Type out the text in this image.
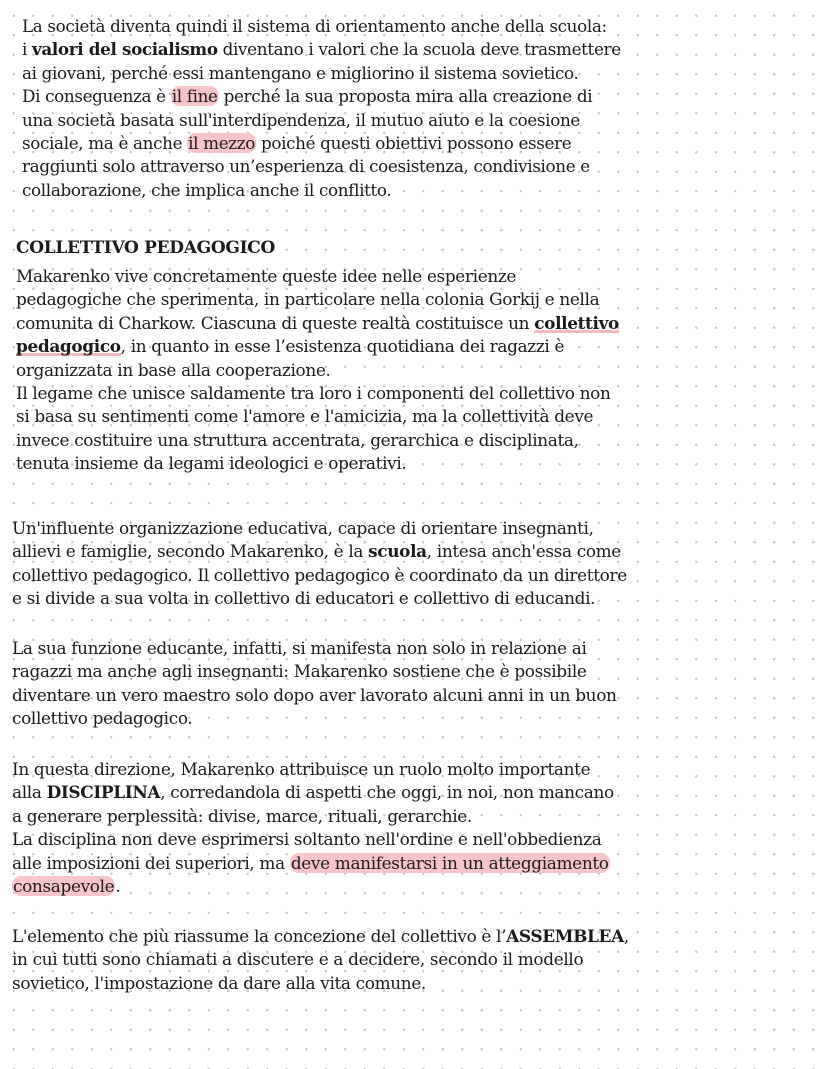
La società diventa quindi il sistema di orientamento anche della scuola:
i valori del socialismo diventano i valori che la scuola deve trasmettere
ai giovani, perché essi mantengano e migliorino il sistema sovietico.
Di conseguenza è il fine perché la sua proposta mira alla creazione di
una società basata sull'interdipendenza, il mutuo aiuto e la coesione
sociale, ma è anche il mezzo poiché questi obiettivi possono essere
raggiunti solo attraverso un’esperienza di coesistenza, condivisione e
collaborazione, che implica anche il conflitto.
COLLETTIVO PEDAGOGICO
Makarenko vive concretamente queste idee nelle esperienze
pedagogiche che sperimenta, in particolare nella colonia Gorkij e nella
comunita di Charkow. Ciascuna di queste realtà costituisce un collettivo
pedagogico, in quanto in esse l’esistenza quotidiana dei ragazzi è
organizzata in base alla cooperazione.
Il legame che unisce saldamente tra loro i componenti del collettivo non
si basa su sentimenti come l'amore e l'amicizia, ma la collettività deve
invece costituire una struttura accentrata, gerarchica e disciplinata,
tenuta insieme da legami ideologici e operativi.
Un'influente organizzazione educativa, capace di orientare insegnanti,
allievi e famiglie, secondo Makarenko, è la scuola, intesa anch'essa come
collettivo pedagogico. Il collettivo pedagogico è coordinato da un direttore
e si divide a sua volta in collettivo di educatori e collettivo di educandi.
La sua funzione educante, infatti, si manifesta non solo in relazione ai
ragazzi ma anche agli insegnanti: Makarenko sostiene che è possibile
diventare un vero maestro solo dopo aver lavorato alcuni anni in un buon
collettivo pedagogico.
In questa direzione, Makarenko attribuisce un ruolo molto importante
alla DISCIPLINA, corredandola di aspetti che oggi, in noi, non mancano
a generare perplessità: divise, marce, rituali, gerarchie.
La disciplina non deve esprimersi soltanto nell'ordine e nell'obbedienza
alle imposizioni dei superiori, ma deve manifestarsi in un atteggiamento
consapevole.
L'elemento che più riassume la concezione del collettivo è l’ASSEMBLEA,
in cui tutti sono chiamati a discutere e a decidere, secondo il modello
sovietico, l'impostazione da dare alla vita comune.
